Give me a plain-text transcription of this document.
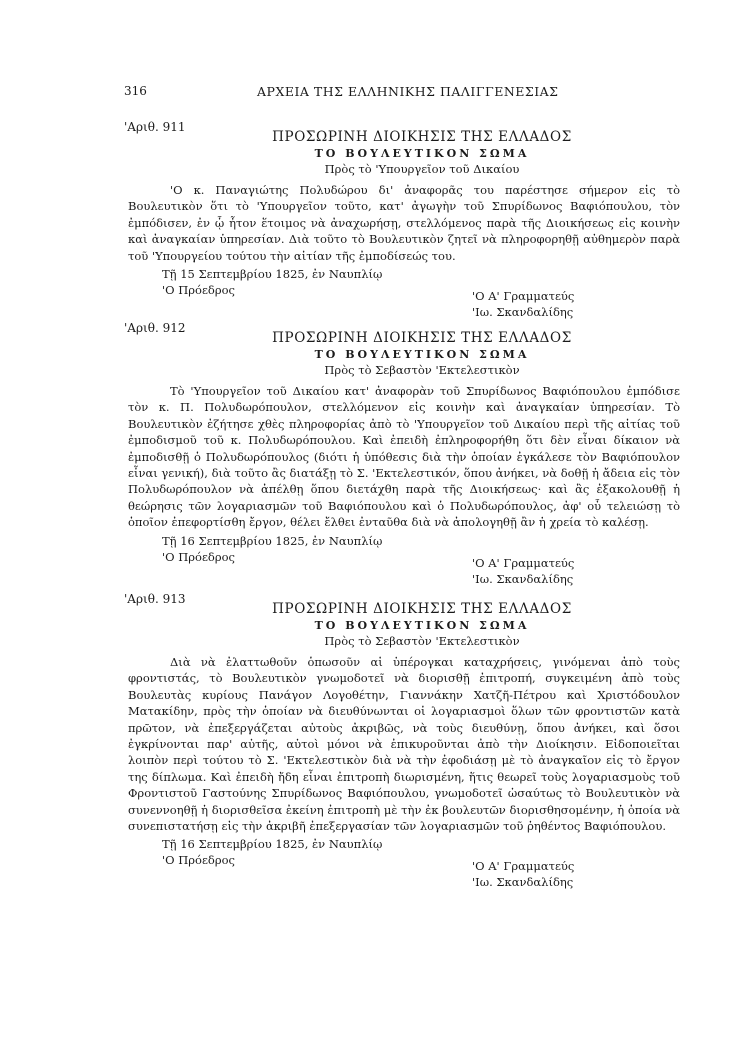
316	ΑΡΧΕΙΑ ΤΗΣ ΕΛΛΗΝΙΚΗΣ ΠΑΛΙΓΓΕΝΕΣΙΑΣ
'Αριθ. 911
ΠΡΟΣΩΡΙΝΗ ΔΙΟΙΚΗΣΙΣ ΤΗΣ ΕΛΛΑΔΟΣ
ΤΟ ΒΟΥΛΕΥΤΙΚΟΝ ΣΩΜΑ
Πρὸς τὸ 'Υπουργεῖον τοῦ Δικαίου

'Ο κ. Παναγιώτης Πολυδώρου δι' ἀναφορᾶς του παρέστησε σήμερον εἰς τὸ Βουλευτικὸν ὅτι τὸ 'Υπουργεῖον τοῦτο, κατ' ἀγωγὴν τοῦ Σπυρίδωνος Βαφιόπουλου, τὸν ἐμπόδισεν, ἐν ᾧ ἦτον ἕτοιμος νὰ ἀναχωρήσῃ, στελλόμενος παρὰ τῆς Διοικήσεως εἰς κοινὴν καὶ ἀναγκαίαν ὑπηρεσίαν. Διὰ τοῦτο τὸ Βουλευτικὸν ζητεῖ νὰ πληροφορηθῇ αὐθημερὸν παρὰ τοῦ 'Υπουργείου τούτου τὴν αἰτίαν τῆς ἐμποδίσεώς του.

Τῇ 15 Σεπτεμβρίου 1825, ἐν Ναυπλίῳ
'Ο Πρόεδρος	'Ο Α' Γραμματεύς
'Ιω. Σκανδαλίδης
'Αριθ. 912
ΠΡΟΣΩΡΙΝΗ ΔΙΟΙΚΗΣΙΣ ΤΗΣ ΕΛΛΑΔΟΣ
ΤΟ ΒΟΥΛΕΥΤΙΚΟΝ ΣΩΜΑ
Πρὸς τὸ Σεβαστὸν 'Εκτελεστικὸν

Τὸ 'Υπουργεῖον τοῦ Δικαίου κατ' ἀναφορὰν τοῦ Σπυρίδωνος Βαφιόπουλου ἐμπόδισε τὸν κ. Π. Πολυδωρόπουλον, στελλόμενον εἰς κοινὴν καὶ ἀναγκαίαν ὑπηρεσίαν. Τὸ Βουλευτικὸν ἐζήτησε χθὲς πληροφορίας ἀπὸ τὸ 'Υπουργεῖον τοῦ Δικαίου περὶ τῆς αἰτίας τοῦ ἐμποδισμοῦ τοῦ κ. Πολυδωρόπουλου. Καὶ ἐπειδὴ ἐπληροφορήθη ὅτι δὲν εἶναι δίκαιον νὰ ἐμποδισθῇ ὁ Πολυδωρόπουλος (διότι ἡ ὑπόθεσις διὰ τὴν ὁποίαν ἐγκάλεσε τὸν Βαφιόπουλον εἶναι γενική), διὰ τοῦτο ἂς διατάξῃ τὸ Σ. 'Εκτελεστικόν, ὅπου ἀνήκει, νὰ δοθῇ ἡ ἄδεια εἰς τὸν Πολυδωρόπουλον νὰ ἀπέλθῃ ὅπου διετάχθη παρὰ τῆς Διοικήσεως· καὶ ἂς ἐξακολουθῇ ἡ θεώρησις τῶν λογαριασμῶν τοῦ Βαφιόπουλου καὶ ὁ Πολυδωρόπουλος, ἀφ' οὗ τελειώσῃ τὸ ὁποῖον ἐπεφορτίσθη ἔργον, θέλει ἔλθει ἐνταῦθα διὰ νὰ ἀπολογηθῇ ἂν ἡ χρεία τὸ καλέσῃ.

Τῇ 16 Σεπτεμβρίου 1825, ἐν Ναυπλίῳ
'Ο Πρόεδρος	'Ο Α' Γραμματεύς
'Ιω. Σκανδαλίδης
'Αριθ. 913
ΠΡΟΣΩΡΙΝΗ ΔΙΟΙΚΗΣΙΣ ΤΗΣ ΕΛΛΑΔΟΣ
ΤΟ ΒΟΥΛΕΥΤΙΚΟΝ ΣΩΜΑ
Πρὸς τὸ Σεβαστὸν 'Εκτελεστικὸν

Διὰ νὰ ἐλαττωθοῦν ὁπωσοῦν αἱ ὑπέρογκαι καταχρήσεις, γινόμεναι ἀπὸ τοὺς φροντιστάς, τὸ Βουλευτικὸν γνωμοδοτεῖ νὰ διορισθῇ ἐπιτροπή, συγκειμένη ἀπὸ τοὺς Βουλευτὰς κυρίους Πανάγον Λογοθέτην, Γιαννάκην Χατζῆ-Πέτρου καὶ Χριστόδουλον Ματακίδην, πρὸς τὴν ὁποίαν νὰ διευθύνωνται οἱ λογαριασμοὶ ὅλων τῶν φροντιστῶν κατὰ πρῶτον, νὰ ἐπεξεργάζεται αὐτοὺς ἀκριβῶς, νὰ τοὺς διευθύνῃ, ὅπου ἀνήκει, καὶ ὅσοι ἐγκρίνονται παρ' αὐτῆς, αὐτοὶ μόνοι νὰ ἐπικυροῦνται ἀπὸ τὴν Διοίκησιν. Εἰδοποιεῖται λοιπὸν περὶ τούτου τὸ Σ. 'Εκτελεστικὸν διὰ νὰ τὴν ἐφοδιάσῃ μὲ τὸ ἀναγκαῖον εἰς τὸ ἔργον της δίπλωμα. Καὶ ἐπειδὴ ἤδη εἶναι ἐπιτροπὴ διωρισμένη, ἥτις θεωρεῖ τοὺς λογαριασμοὺς τοῦ Φροντιστοῦ Γαστούνης Σπυρίδωνος Βαφιόπουλου, γνωμοδοτεῖ ὡσαύτως τὸ Βουλευτικὸν νὰ συνεννοηθῇ ἡ διορισθεῖσα ἐκείνη ἐπιτροπὴ μὲ τὴν ἐκ βουλευτῶν διορισθησομένην, ἡ ὁποία νὰ συνεπιστατήσῃ εἰς τὴν ἀκριβῆ ἐπεξεργασίαν τῶν λογαριασμῶν τοῦ ῥηθέντος Βαφιόπουλου.

Τῇ 16 Σεπτεμβρίου 1825, ἐν Ναυπλίῳ
'Ο Πρόεδρος	'Ο Α' Γραμματεύς
'Ιω. Σκανδαλίδης
